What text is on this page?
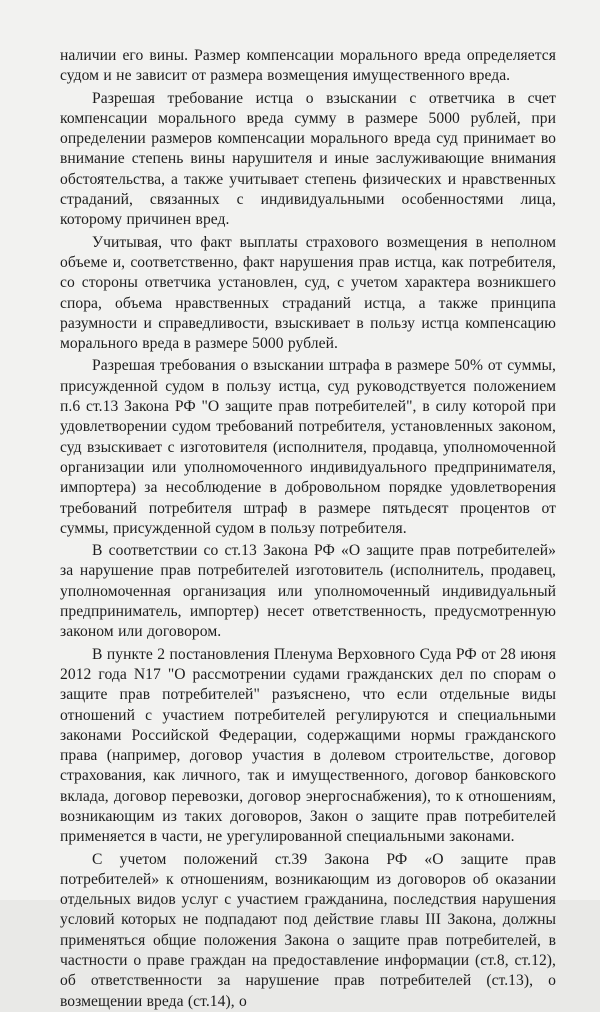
наличии его вины. Размер компенсации морального вреда определяется судом и не зависит от размера возмещения имущественного вреда.

Разрешая требование истца о взыскании с ответчика в счет компенсации морального вреда сумму в размере 5000 рублей, при определении размеров компенсации морального вреда суд принимает во внимание степень вины нарушителя и иные заслуживающие внимания обстоятельства, а также учитывает степень физических и нравственных страданий, связанных с индивидуальными особенностями лица, которому причинен вред.

Учитывая, что факт выплаты страхового возмещения в неполном объеме и, соответственно, факт нарушения прав истца, как потребителя, со стороны ответчика установлен, суд, с учетом характера возникшего спора, объема нравственных страданий истца, а также принципа разумности и справедливости, взыскивает в пользу истца компенсацию морального вреда в размере 5000 рублей.

Разрешая требования о взыскании штрафа в размере 50% от суммы, присужденной судом в пользу истца, суд руководствуется положением п.6 ст.13 Закона РФ "О защите прав потребителей", в силу которой при удовлетворении судом требований потребителя, установленных законом, суд взыскивает с изготовителя (исполнителя, продавца, уполномоченной организации или уполномоченного индивидуального предпринимателя, импортера) за несоблюдение в добровольном порядке удовлетворения требований потребителя штраф в размере пятьдесят процентов от суммы, присужденной судом в пользу потребителя.

В соответствии со ст.13 Закона РФ «О защите прав потребителей» за нарушение прав потребителей изготовитель (исполнитель, продавец, уполномоченная организация или уполномоченный индивидуальный предприниматель, импортер) несет ответственность, предусмотренную законом или договором.

В пункте 2 постановления Пленума Верховного Суда РФ от 28 июня 2012 года N17 "О рассмотрении судами гражданских дел по спорам о защите прав потребителей" разъяснено, что если отдельные виды отношений с участием потребителей регулируются и специальными законами Российской Федерации, содержащими нормы гражданского права (например, договор участия в долевом строительстве, договор страхования, как личного, так и имущественного, договор банковского вклада, договор перевозки, договор энергоснабжения), то к отношениям, возникающим из таких договоров, Закон о защите прав потребителей применяется в части, не урегулированной специальными законами.

С учетом положений ст.39 Закона РФ «О защите прав потребителей» к отношениям, возникающим из договоров об оказании отдельных видов услуг с участием гражданина, последствия нарушения условий которых не подпадают под действие главы III Закона, должны применяться общие положения Закона о защите прав потребителей, в частности о праве граждан на предоставление информации (ст.8, ст.12), об ответственности за нарушение прав потребителей (ст.13), о возмещении вреда (ст.14), о
